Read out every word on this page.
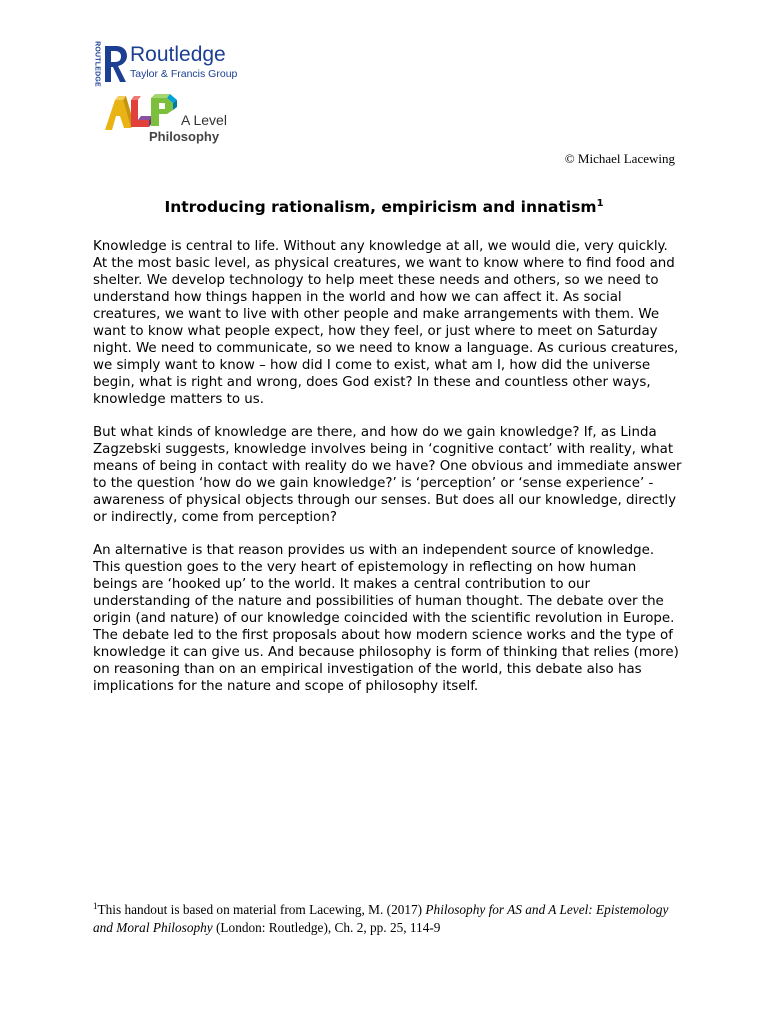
ROUTLEDGE Routledge
Taylor & Francis Group
A Level
Philosophy
© Michael Lacewing
Introducing rationalism, empiricism and innatism$^1$

Knowledge is central to life. Without any knowledge at all, we would die, very quickly. At the most basic level, as physical creatures, we want to know where to find food and shelter. We develop technology to help meet these needs and others, so we need to understand how things happen in the world and how we can affect it. As social creatures, we want to live with other people and make arrangements with them. We want to know what people expect, how they feel, or just where to meet on Saturday night. We need to communicate, so we need to know a language. As curious creatures, we simply want to know – how did I come to exist, what am I, how did the universe begin, what is right and wrong, does God exist? In these and countless other ways, knowledge matters to us.

But what kinds of knowledge are there, and how do we gain knowledge? If, as Linda Zagzebski suggests, knowledge involves being in ‘cognitive contact’ with reality, what means of being in contact with reality do we have? One obvious and immediate answer to the question ‘how do we gain knowledge?’ is ‘perception’ or ‘sense experience’ - awareness of physical objects through our senses. But does all our knowledge, directly or indirectly, come from perception?

An alternative is that reason provides us with an independent source of knowledge. This question goes to the very heart of epistemology in reflecting on how human beings are ‘hooked up’ to the world. It makes a central contribution to our understanding of the nature and possibilities of human thought. The debate over the origin (and nature) of our knowledge coincided with the scientific revolution in Europe. The debate led to the first proposals about how modern science works and the type of knowledge it can give us. And because philosophy is form of thinking that relies (more) on reasoning than on an empirical investigation of the world, this debate also has implications for the nature and scope of philosophy itself.

$^1$This handout is based on material from Lacewing, M. (2017) Philosophy for AS and A Level: Epistemology and Moral Philosophy (London: Routledge), Ch. 2, pp. 25, 114-9
